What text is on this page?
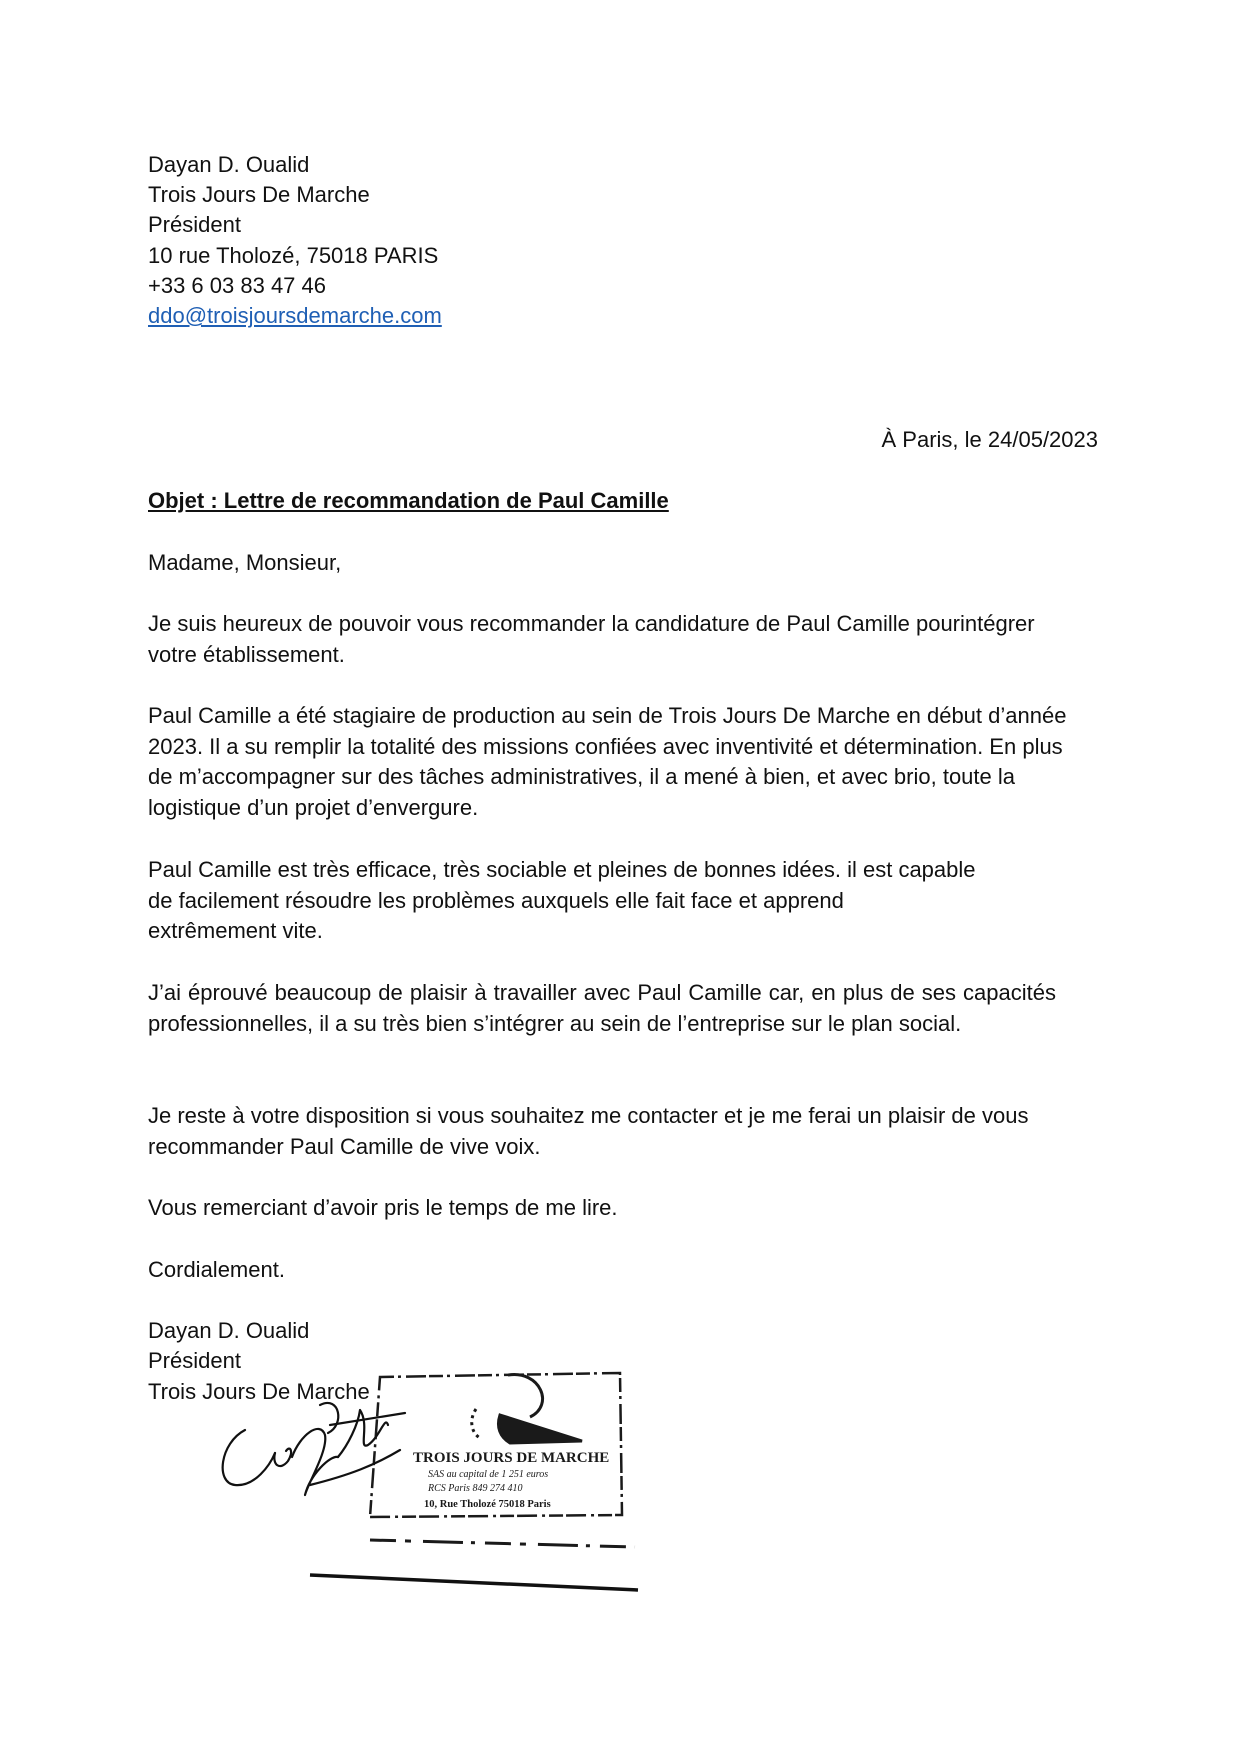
Dayan D. Oualid
Trois Jours De Marche
Président
10 rue Tholozé, 75018 PARIS
+33 6 03 83 47 46
ddo@troisjoursdemarche.com
À Paris, le 24/05/2023
Objet : Lettre de recommandation de Paul Camille
Madame, Monsieur,

Je suis heureux de pouvoir vous recommander la candidature de Paul Camille pourintégrer votre établissement.

Paul Camille a été stagiaire de production au sein de Trois Jours De Marche en début d’année 2023. Il a su remplir la totalité des missions confiées avec inventivité et détermination. En plus de m’accompagner sur des tâches administratives, il a mené à bien, et avec brio, toute la logistique d’un projet d’envergure.

Paul Camille est très efficace, très sociable et pleines de bonnes idées. il est capable de facilement résoudre les problèmes auxquels elle fait face et apprend extrêmement vite.

J’ai éprouvé beaucoup de plaisir à travailler avec Paul Camille car, en plus de ses capacités professionnelles, il a su très bien s’intégrer au sein de l’entreprise sur le plan social.

Je reste à votre disposition si vous souhaitez me contacter et je me ferai un plaisir de vous recommander Paul Camille de vive voix.

Vous remerciant d’avoir pris le temps de me lire.
Cordialement.
Dayan D. Oualid
Président
Trois Jours De Marche
TROIS JOURS DE MARCHE
SAS au capital de 1 251 euros
RCS Paris 849 274 410
10, Rue Tholozé 75018 Paris
